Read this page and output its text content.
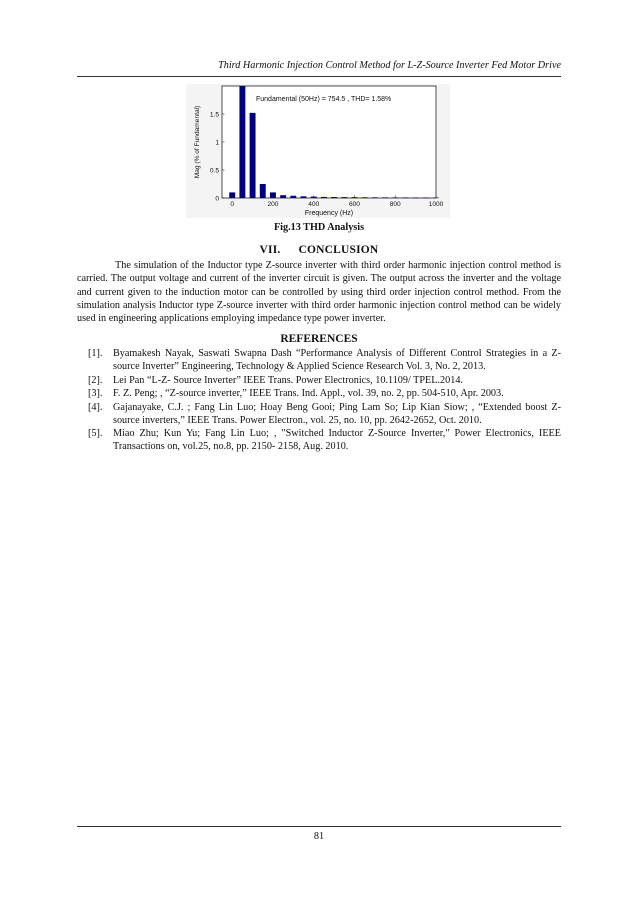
Third Harmonic Injection Control Method for L-Z-Source Inverter Fed Motor Drive
0	200	400	600	800	1000
0
0.5
1
1.5
Fundamental (50Hz) = 754.5 , THD= 1.58%
Frequency (Hz)
Mag (% of Fundamental)
Fig.13 THD Analysis
VII. CONCLUSION

The simulation of the Inductor type Z-source inverter with third order harmonic injection control method is carried. The output voltage and current of the inverter circuit is given. The output across the inverter and the voltage and current given to the induction motor can be controlled by using third order injection control method. From the simulation analysis Inductor type Z-source inverter with third order harmonic injection control method can be widely used in engineering applications employing impedance type power inverter.

REFERENCES
[1].	Byamakesh Nayak, Saswati Swapna Dash “Performance Analysis of Different Control Strategies in a Z-source Inverter” Engineering, Technology & Applied Science Research Vol. 3, No. 2, 2013.
[2].	Lei Pan “L-Z- Source Inverter” IEEE Trans. Power Electronics, 10.1109/ TPEL.2014.
[3].	F. Z. Peng; , “Z-source inverter,” IEEE Trans. Ind. Appl., vol. 39, no. 2, pp. 504-510, Apr. 2003.
[4].	Gajanayake, C.J. ; Fang Lin Luo; Hoay Beng Gooi; Ping Lam So; Lip Kian Siow; , “Extended boost Z-source inverters,” IEEE Trans. Power Electron., vol. 25, no. 10, pp. 2642-2652, Oct. 2010.
[5].	Miao Zhu; Kun Yu; Fang Lin Luo; , "Switched Inductor Z-Source Inverter," Power Electronics, IEEE Transactions on, vol.25, no.8, pp. 2150- 2158, Aug. 2010.
81
